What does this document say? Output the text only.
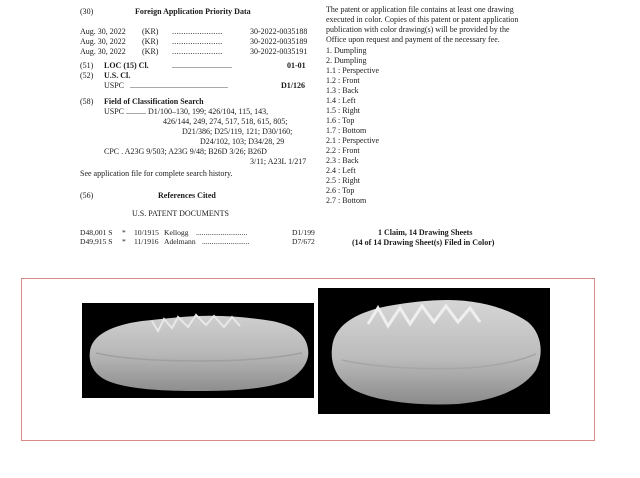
(30)	Foreign Application Priority Data
Aug. 30, 2022 (KR) ......................	30-2022-0035188
Aug. 30, 2022 (KR) ......................	30-2022-0035189
Aug. 30, 2022 (KR) ......................	30-2022-0035191
(51) LOC (15) Cl.	..............................	01-01
(52) U.S. Cl.
USPC .................................................	D1/126
(58) Field of Classification Search
USPC .......... D1/100–130, 199; 426/104, 115, 143,
426/144, 249, 274, 517, 518, 615, 805;
D21/386; D25/119, 121; D30/160;
D24/102, 103; D34/28, 29
CPC . A23G 9/503; A23G 9/48; B26D 3/26; B26D
3/11; A23L 1/217
See application file for complete search history.
(56)	References Cited
U.S. PATENT DOCUMENTS
D48,001 S * 10/1915 Kellogg ...........................	D1/199
D49,915 S * 11/1916 Adelmann .........................	D7/672
The patent or application file contains at least one drawing
executed in color. Copies of this patent or patent application
publication with color drawing(s) will be provided by the
Office upon request and payment of the necessary fee.
1. Dumpling
2. Dumpling
1.1 : Perspective
1.2 : Front
1.3 : Back
1.4 : Left
1.5 : Right
1.6 : Top
1.7 : Bottom
2.1 : Perspective
2.2 : Front
2.3 : Back
2.4 : Left
2.5 : Right
2.6 : Top
2.7 : Bottom
1 Claim, 14 Drawing Sheets
(14 of 14 Drawing Sheet(s) Filed in Color)
